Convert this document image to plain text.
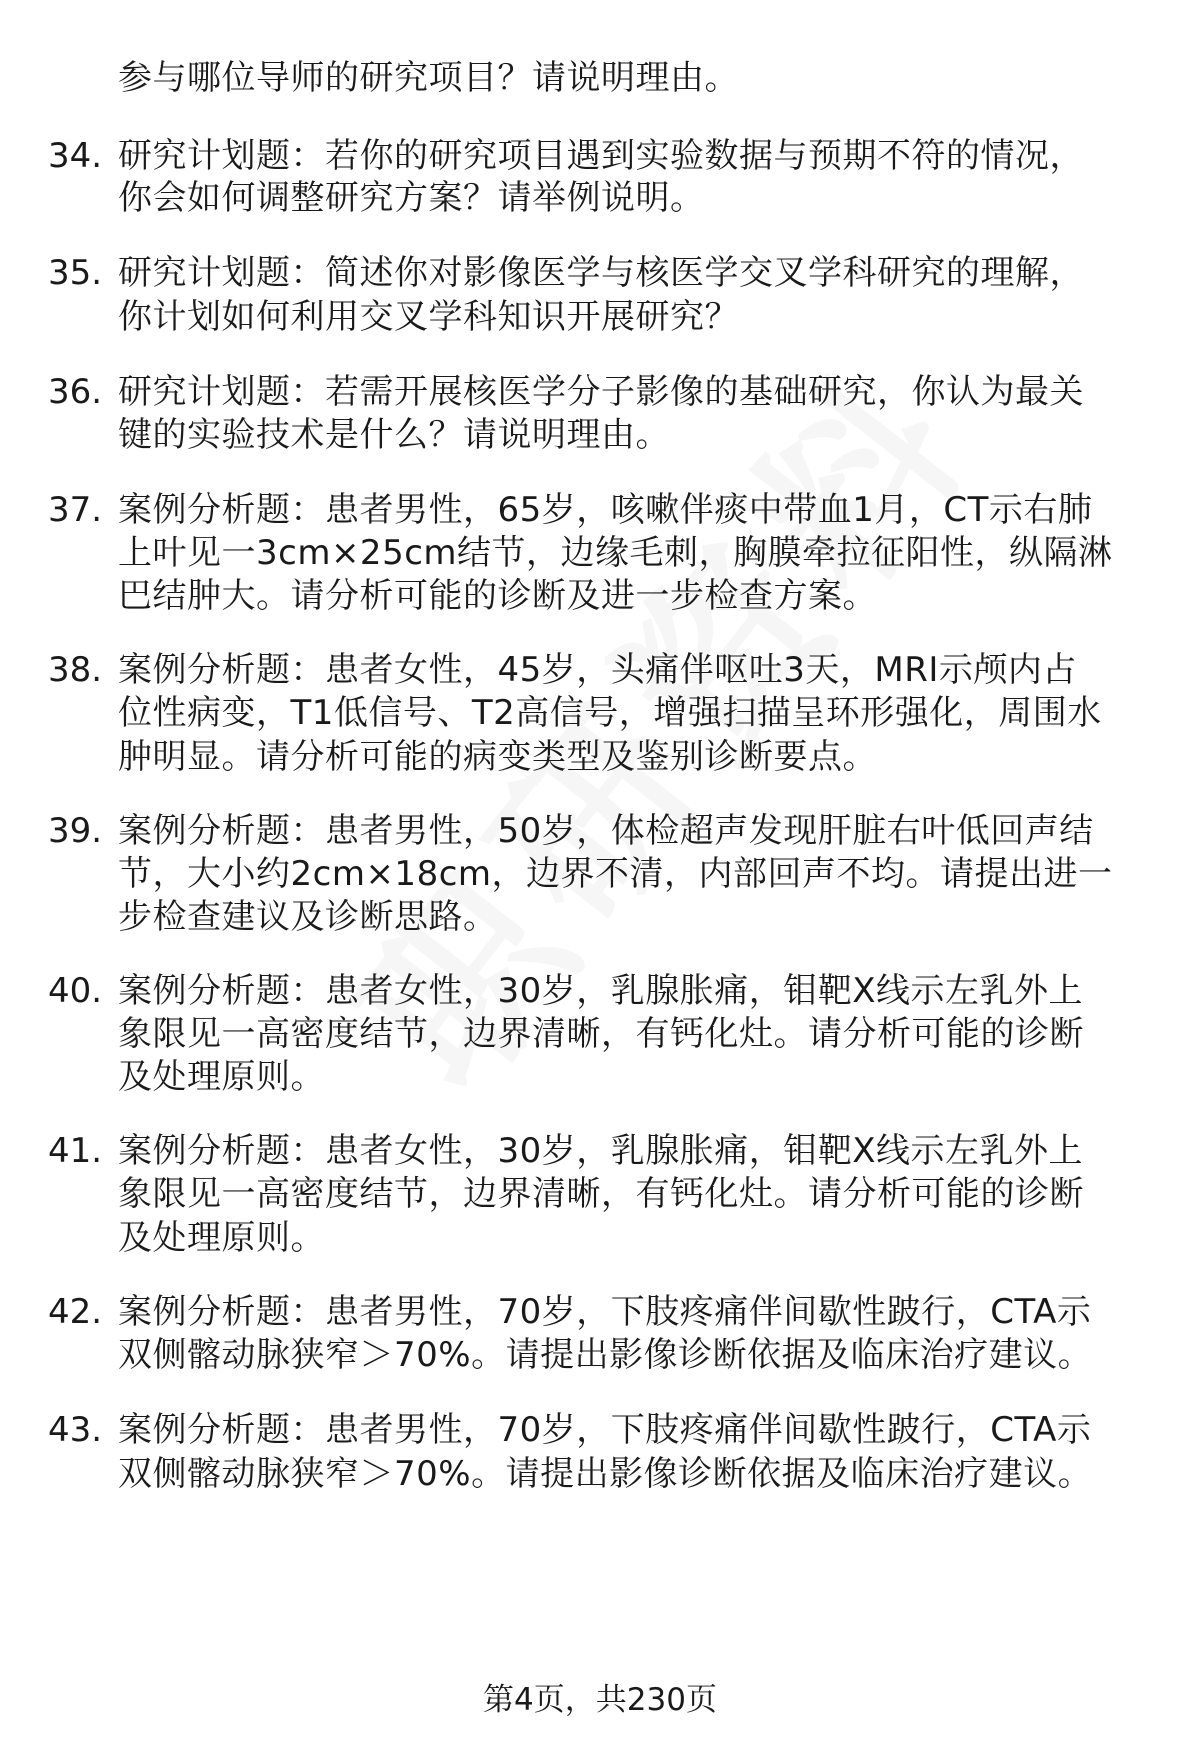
参与哪位导师的研究项目？请说明理由。
34. 研究计划题：若你的研究项目遇到实验数据与预期不符的情况，
你会如何调整研究方案？请举例说明。
35. 研究计划题：简述你对影像医学与核医学交叉学科研究的理解，
你计划如何利用交叉学科知识开展研究？
36. 研究计划题：若需开展核医学分子影像的基础研究，你认为最关
键的实验技术是什么？请说明理由。
37. 案例分析题：患者男性，65岁，咳嗽伴痰中带血1月，CT示右肺
上叶见一3cm×25cm结节，边缘毛刺，胸膜牵拉征阳性，纵隔淋
巴结肿大。请分析可能的诊断及进一步检查方案。
38. 案例分析题：患者女性，45岁，头痛伴呕吐3天，MRI示颅内占
位性病变，T1低信号、T2高信号，增强扫描呈环形强化，周围水
肿明显。请分析可能的病变类型及鉴别诊断要点。
39. 案例分析题：患者男性，50岁，体检超声发现肝脏右叶低回声结
节，大小约2cm×18cm，边界不清，内部回声不均。请提出进一
步检查建议及诊断思路。
40. 案例分析题：患者女性，30岁，乳腺胀痛，钼靶X线示左乳外上
象限见一高密度结节，边界清晰，有钙化灶。请分析可能的诊断
及处理原则。
41. 案例分析题：患者女性，30岁，乳腺胀痛，钼靶X线示左乳外上
象限见一高密度结节，边界清晰，有钙化灶。请分析可能的诊断
及处理原则。
42. 案例分析题：患者男性，70岁，下肢疼痛伴间歇性跛行，CTA示
双侧髂动脉狭窄＞70%。请提出影像诊断依据及临床治疗建议。
43. 案例分析题：患者男性，70岁，下肢疼痛伴间歇性跛行，CTA示
双侧髂动脉狭窄＞70%。请提出影像诊断依据及临床治疗建议。
第4页，共230页
